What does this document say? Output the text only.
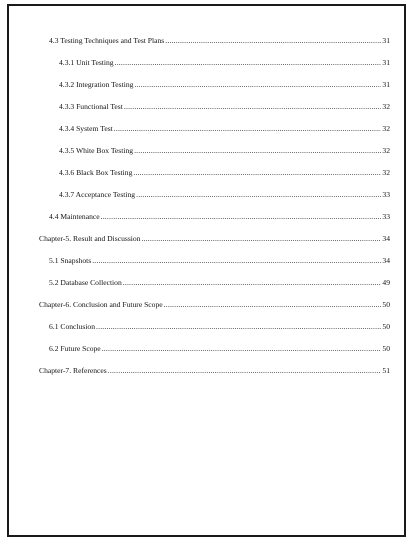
4.3 Testing Techniques and Test Plans .....	31
4.3.1 Unit Testing .....	31
4.3.2 Integration Testing .....	31
4.3.3 Functional Test .....	32
4.3.4 System Test .....	32
4.3.5 White Box Testing .....	32
4.3.6 Black Box Testing .....	32
4.3.7 Acceptance Testing .....	33
4.4 Maintenance .....	33
Chapter-5. Result and Discussion .....	34
5.1 Snapshots .....	34
5.2 Database Collection .....	49
Chapter-6. Conclusion and Future Scope .....	50
6.1 Conclusion .....	50
6.2 Future Scope .....	50
Chapter-7. References .....	51
